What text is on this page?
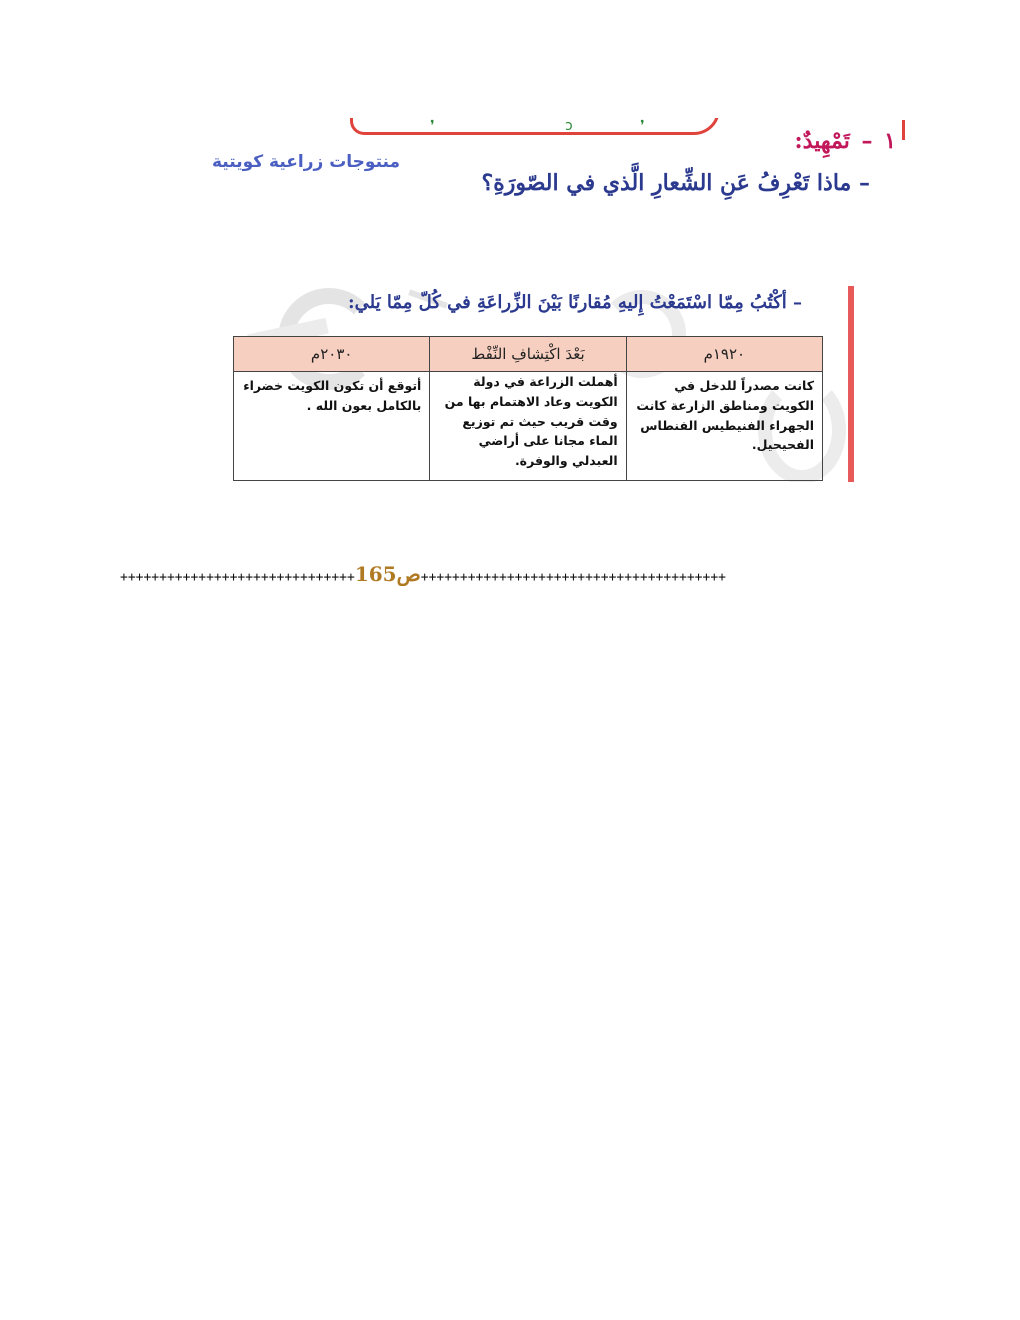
❜	ↄ	❜
١ – تَمْهِيدٌ:
منتوجات زراعية كويتية
– ماذا تَعْرِفُ عَنِ الشِّعارِ الَّذي في الصّورَةِ؟
– أكْتُبُ مِمّا اسْتَمَعْتُ إِليهِ مُقارنًا بَيْنَ الزِّراعَةِ في كُلّ مِمّا يَلي:
١٩٢٠م	بَعْدَ اكْتِشافِ النِّفْط	٢٠٣٠م
كانت مصدراً للدخل في الكويت ومناطق الزارعة كانت الجهراء الفنيطيس الفنطاس الفحيحيل.	أهملت الزراعة في دولة الكويت وعاد الاهتمام بها من وقت قريب حيث تم توزيع الماء مجانا على أراضي العبدلي والوفرة.	أتوقع أن تكون الكويت خضراء بالكامل بعون الله .
++++++++++++++++++++++++++++++ص165+++++++++++++++++++++++++++++++++++++++
